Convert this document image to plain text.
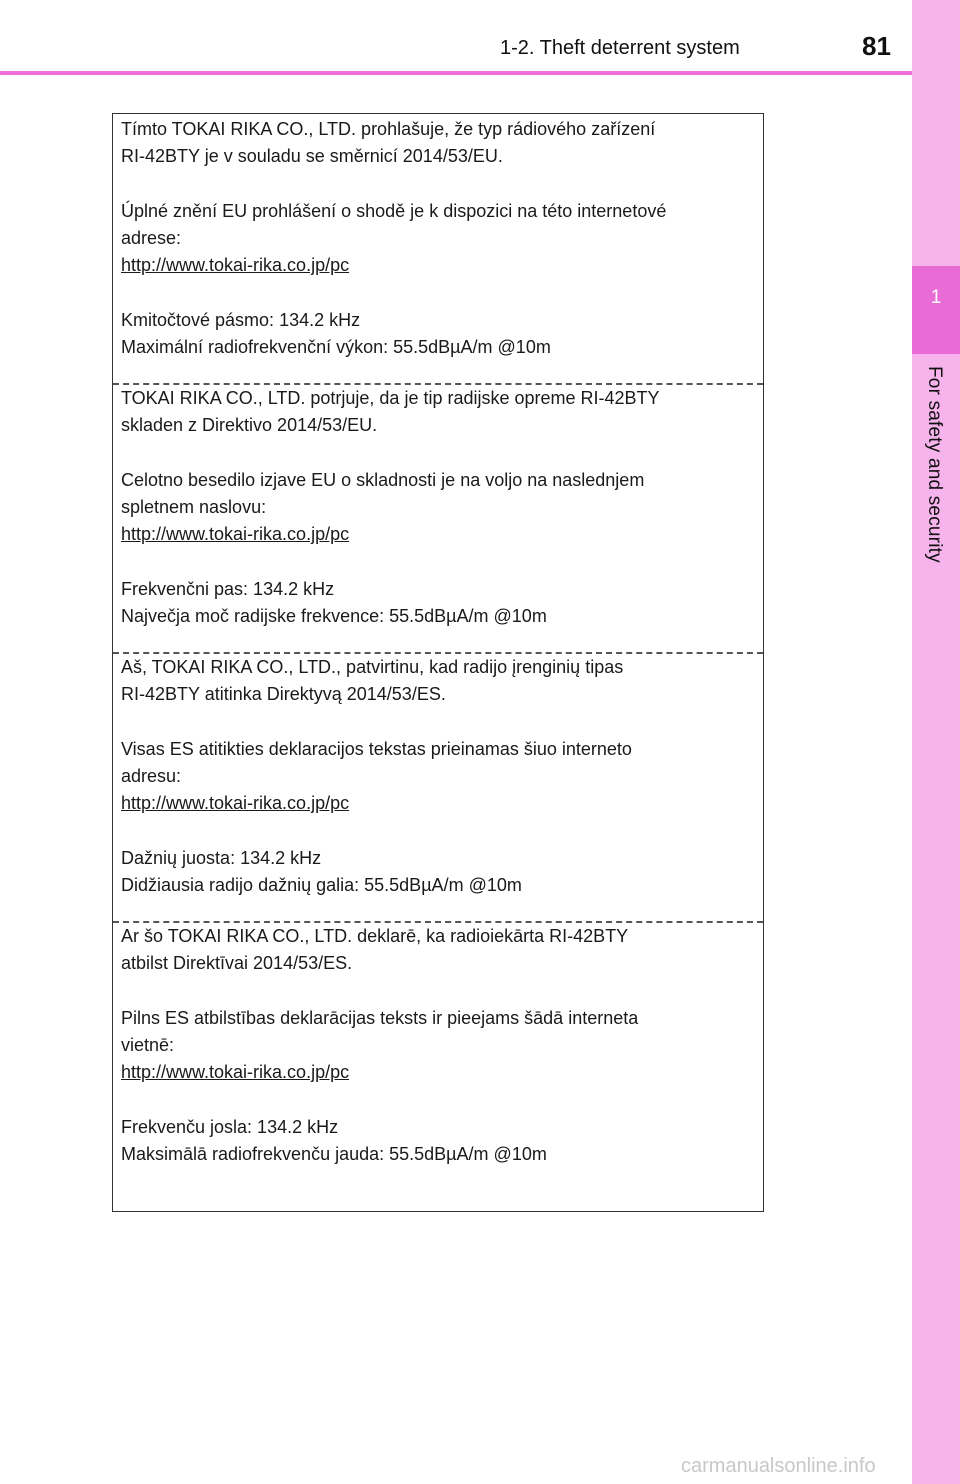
1
For safety and security
1-2. Theft deterrent system	81
Tímto TOKAI RIKA CO., LTD. prohlašuje, že typ rádiového zařízení
RI-42BTY je v souladu se směrnicí 2014/53/EU.
Úplné znění EU prohlášení o shodě je k dispozici na této internetové
adrese:
http://www.tokai-rika.co.jp/pc
Kmitočtové pásmo: 134.2 kHz
Maximální radiofrekvenční výkon: 55.5dBµA/m @10m
TOKAI RIKA CO., LTD. potrjuje, da je tip radijske opreme RI-42BTY
skladen z Direktivo 2014/53/EU.
Celotno besedilo izjave EU o skladnosti je na voljo na naslednjem
spletnem naslovu:
http://www.tokai-rika.co.jp/pc
Frekvenčni pas: 134.2 kHz
Največja moč radijske frekvence: 55.5dBµA/m @10m
Aš, TOKAI RIKA CO., LTD., patvirtinu, kad radijo įrenginių tipas
RI-42BTY atitinka Direktyvą 2014/53/ES.
Visas ES atitikties deklaracijos tekstas prieinamas šiuo interneto
adresu:
http://www.tokai-rika.co.jp/pc
Dažnių juosta: 134.2 kHz
Didžiausia radijo dažnių galia: 55.5dBµA/m @10m
Ar šo TOKAI RIKA CO., LTD. deklarē, ka radioiekārta RI-42BTY
atbilst Direktīvai 2014/53/ES.
Pilns ES atbilstības deklarācijas teksts ir pieejams šādā interneta
vietnē:
http://www.tokai-rika.co.jp/pc
Frekvenču josla: 134.2 kHz
Maksimālā radiofrekvenču jauda: 55.5dBµA/m @10m
carmanualsonline.info
